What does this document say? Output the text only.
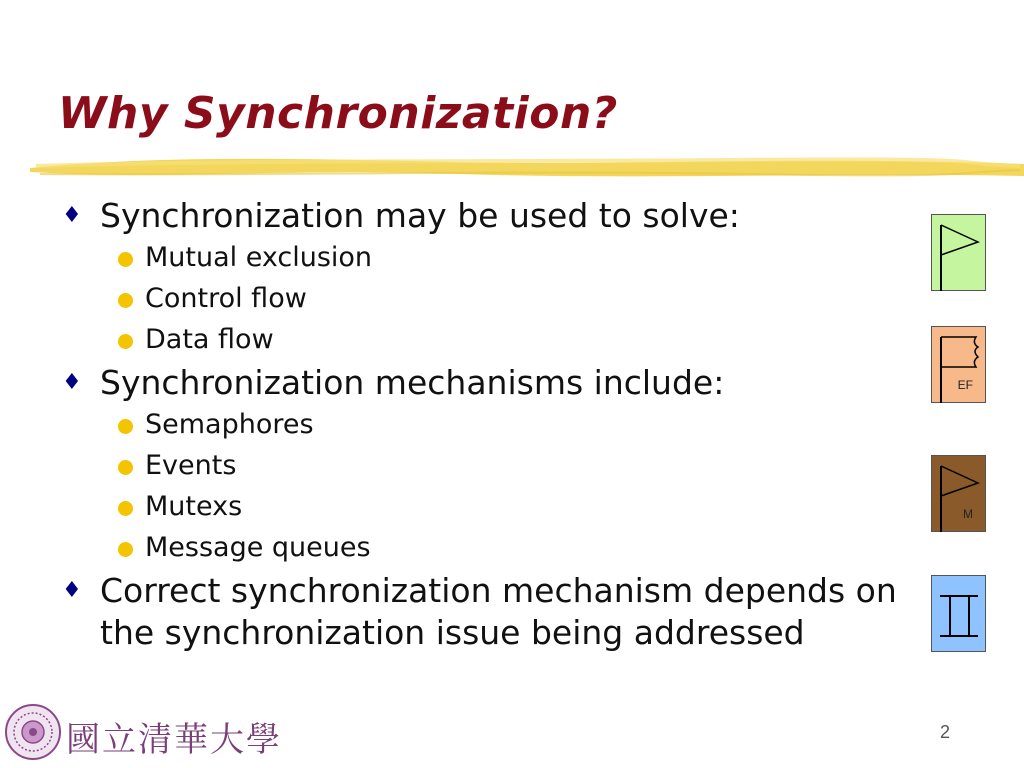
Why Synchronization?
♦ Synchronization may be used to solve:
Mutual exclusion
Control flow
Data flow
♦ Synchronization mechanisms include:
Semaphores
Events
Mutexs
Message queues
♦ Correct synchronization mechanism depends on the synchronization issue being addressed
EF
M
國立清華大學	2
